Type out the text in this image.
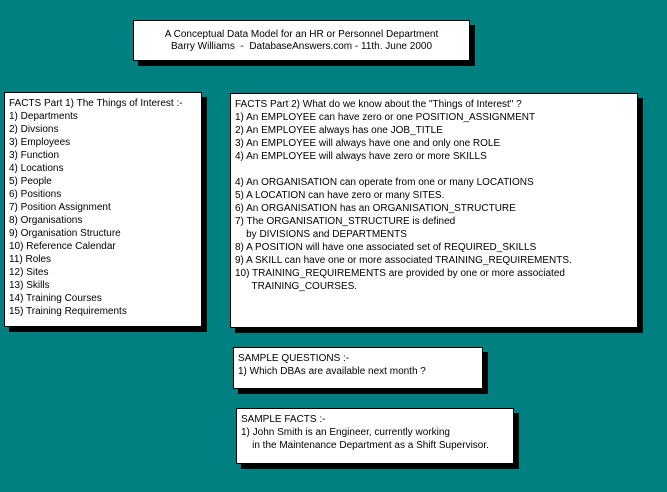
A Conceptual Data Model for an HR or Personnel Department
Barry Williams  -  DatabaseAnswers.com - 11th. June 2000
FACTS Part 1) The Things of Interest :-
1) Departments
2) Divsions
3) Employees
3) Function
4) Locations
5) People
6) Positions
7) Position Assignment
8) Organisations
9) Organisation Structure
10) Reference Calendar
11) Roles
12) Sites
13) Skills
14) Training Courses
15) Training Requirements
FACTS Part 2) What do we know about the "Things of Interest" ?
1) An EMPLOYEE can have zero or one POSITION_ASSIGNMENT
2) An EMPLOYEE always has one JOB_TITLE
3) An EMPLOYEE will always have one and only one ROLE
4) An EMPLOYEE will always have zero or more SKILLS
4) An ORGANISATION can operate from one or many LOCATIONS
5) A LOCATION can have zero or many SITES.
6) An ORGANISATION has an ORGANISATION_STRUCTURE
7) The ORGANISATION_STRUCTURE is defined
by DIVISIONS and DEPARTMENTS
8) A POSITION will have one associated set of REQUIRED_SKILLS
9) A SKILL can have one or more associated TRAINING_REQUIREMENTS.
10) TRAINING_REQUIREMENTS are provided by one or more associated
TRAINING_COURSES.
SAMPLE QUESTIONS :-
1) Which DBAs are available next month ?
SAMPLE FACTS :-
1) John Smith is an Engineer, currently working
in the Maintenance Department as a Shift Supervisor.
